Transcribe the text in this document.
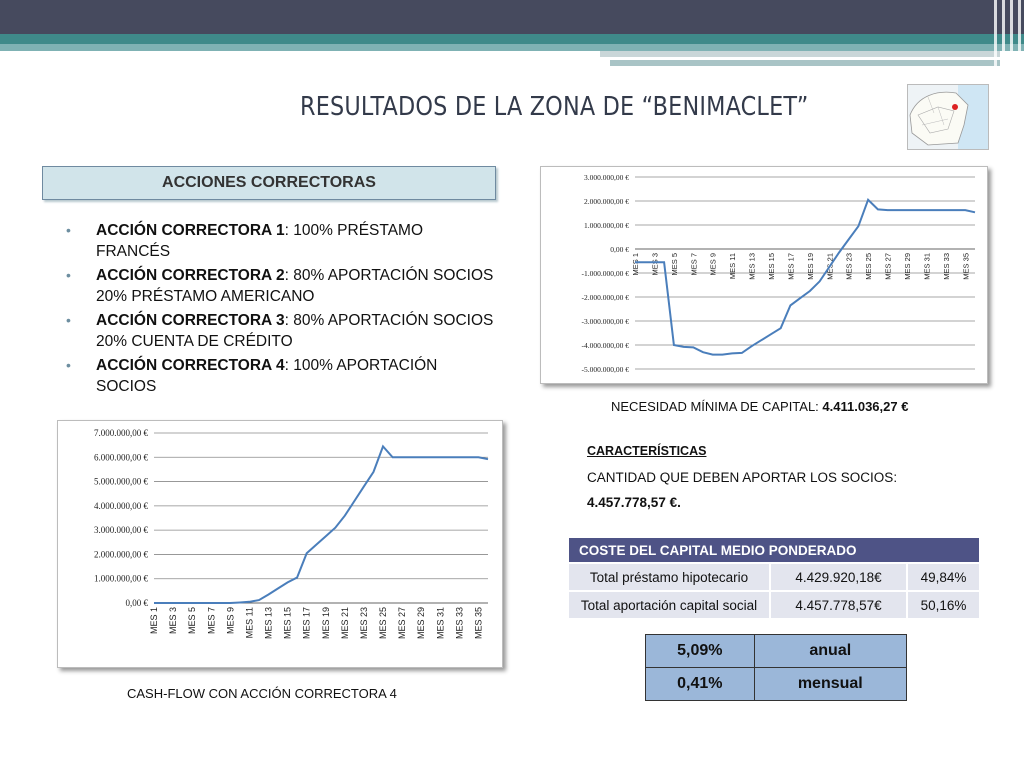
RESULTADOS DE LA ZONA DE “BENIMACLET”
ACCIONES CORRECTORAS
• ACCIÓN CORRECTORA 1: 100% PRÉSTAMO FRANCÉS
• ACCIÓN CORRECTORA 2: 80% APORTACIÓN SOCIOS 20% PRÉSTAMO AMERICANO
• ACCIÓN CORRECTORA 3: 80% APORTACIÓN SOCIOS 20% CUENTA DE CRÉDITO
• ACCIÓN CORRECTORA 4: 100% APORTACIÓN SOCIOS
3.000.000,00 €
2.000.000,00 €
1.000.000,00 €
0,00 €
-1.000.000,00 €
-2.000.000,00 €
-3.000.000,00 €
-4.000.000,00 €
-5.000.000,00 €
MES 1 MES 3 MES 5 MES 7 MES 9 MES 11 MES 13 MES 15 MES 17 MES 19 MES 21 MES 23 MES 25 MES 27 MES 29 MES 31 MES 33 MES 35
NECESIDAD MÍNIMA DE CAPITAL: 4.411.036,27 €
7.000.000,00 €
6.000.000,00 €
5.000.000,00 €
4.000.000,00 €
3.000.000,00 €
2.000.000,00 €
1.000.000,00 €
0,00 €
MES 1 MES 3 MES 5 MES 7 MES 9 MES 11 MES 13 MES 15 MES 17 MES 19 MES 21 MES 23 MES 25 MES 27 MES 29 MES 31 MES 33 MES 35
CASH-FLOW CON ACCIÓN CORRECTORA 4
CARACTERÍSTICAS
CANTIDAD QUE DEBEN APORTAR LOS SOCIOS:
4.457.778,57 €.
COSTE DEL CAPITAL MEDIO PONDERADO		
Total préstamo hipotecario	4.429.920,18€	49,84%
Total aportación capital social	4.457.778,57€	50,16%
5,09%	anual
0,41%	mensual
